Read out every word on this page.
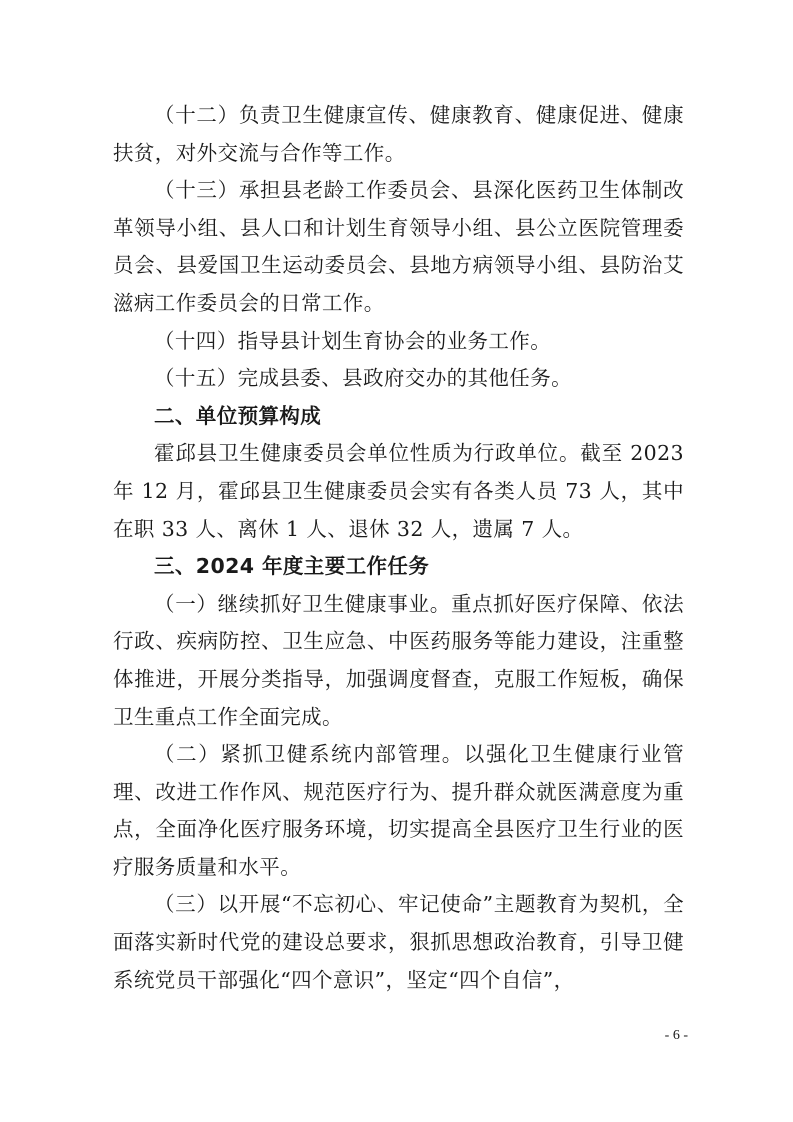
（十二）负责卫生健康宣传、健康教育、健康促进、健康扶贫，对外交流与合作等工作。

（十三）承担县老龄工作委员会、县深化医药卫生体制改革领导小组、县人口和计划生育领导小组、县公立医院管理委员会、县爱国卫生运动委员会、县地方病领导小组、县防治艾滋病工作委员会的日常工作。

（十四）指导县计划生育协会的业务工作。

（十五）完成县委、县政府交办的其他任务。

二、单位预算构成

霍邱县卫生健康委员会单位性质为行政单位。截至 2023 年 12 月，霍邱县卫生健康委员会实有各类人员 73 人，其中在职 33 人、离休 1 人、退休 32 人，遗属 7 人。

三、2024 年度主要工作任务

（一）继续抓好卫生健康事业。重点抓好医疗保障、依法行政、疾病防控、卫生应急、中医药服务等能力建设，注重整体推进，开展分类指导，加强调度督查，克服工作短板，确保卫生重点工作全面完成。

（二）紧抓卫健系统内部管理。以强化卫生健康行业管理、改进工作作风、规范医疗行为、提升群众就医满意度为重点，全面净化医疗服务环境，切实提高全县医疗卫生行业的医疗服务质量和水平。

（三）以开展“不忘初心、牢记使命”主题教育为契机，全面落实新时代党的建设总要求，狠抓思想政治教育，引导卫健系统党员干部强化“四个意识”，坚定“四个自信”，

- 6 -
